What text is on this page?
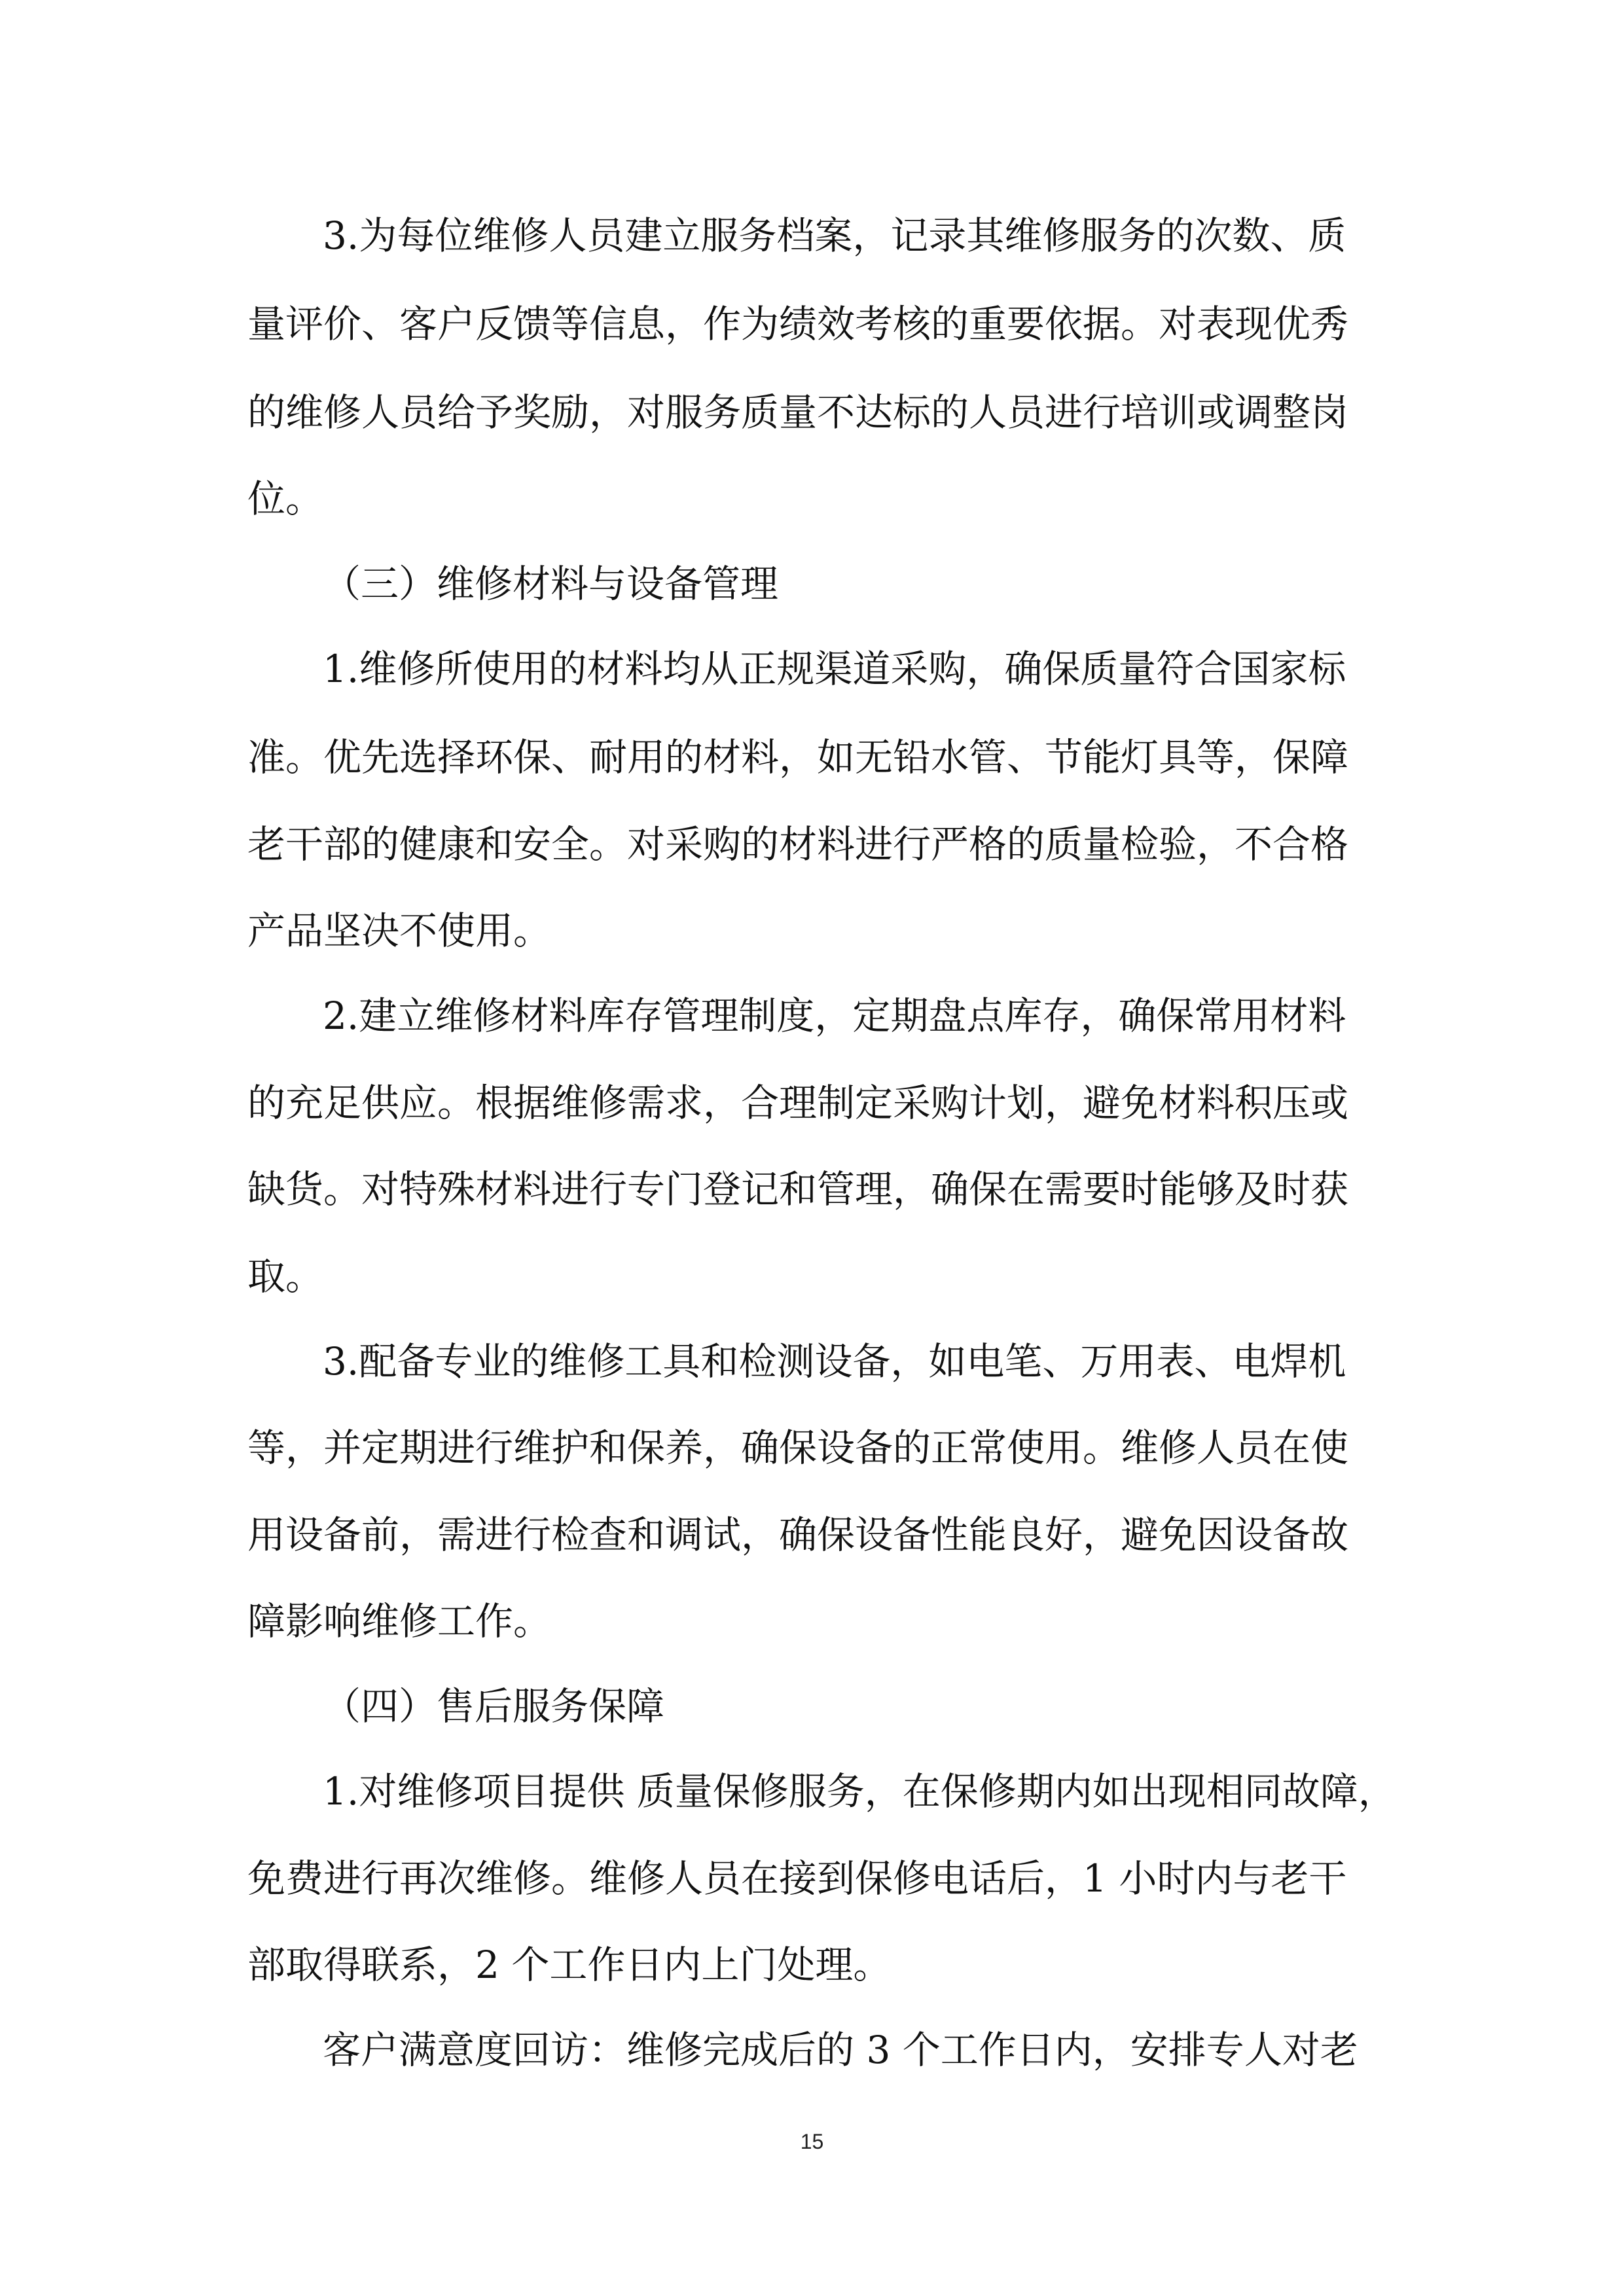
3.为每位维修人员建立服务档案，记录其维修服务的次数、质
量评价、客户反馈等信息，作为绩效考核的重要依据。对表现优秀
的维修人员给予奖励，对服务质量不达标的人员进行培训或调整岗
位。
（三）维修材料与设备管理
1.维修所使用的材料均从正规渠道采购，确保质量符合国家标
准。优先选择环保、耐用的材料，如无铅水管、节能灯具等，保障
老干部的健康和安全。对采购的材料进行严格的质量检验，不合格
产品坚决不使用。
2.建立维修材料库存管理制度，定期盘点库存，确保常用材料
的充足供应。根据维修需求，合理制定采购计划，避免材料积压或
缺货。对特殊材料进行专门登记和管理，确保在需要时能够及时获
取。
3.配备专业的维修工具和检测设备，如电笔、万用表、电焊机
等，并定期进行维护和保养，确保设备的正常使用。维修人员在使
用设备前，需进行检查和调试，确保设备性能良好，避免因设备故
障影响维修工作。
（四）售后服务保障
1.对维修项目提供 质量保修服务，在保修期内如出现相同故障，
免费进行再次维修。维修人员在接到保修电话后，1 小时内与老干
部取得联系，2 个工作日内上门处理。
客户满意度回访：维修完成后的 3 个工作日内，安排专人对老
15
